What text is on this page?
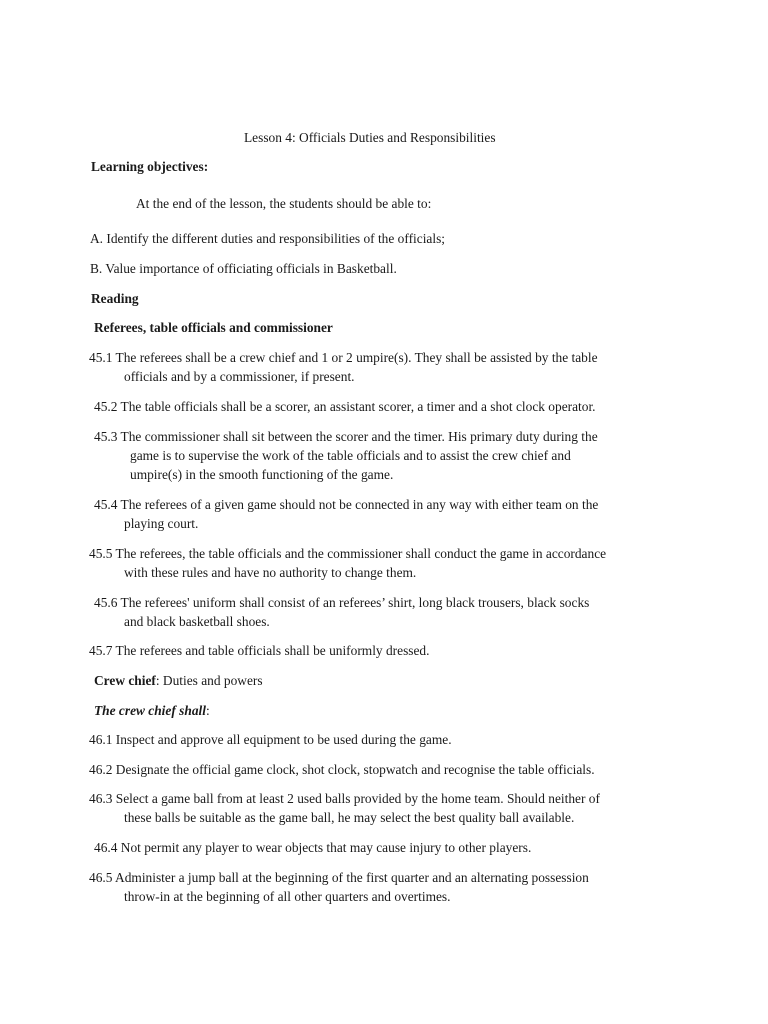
Lesson 4: Officials Duties and Responsibilities
Learning objectives:
At the end of the lesson, the students should be able to:
A. Identify the different duties and responsibilities of the officials;
B. Value importance of officiating officials in Basketball.
Reading
Referees, table officials and commissioner
45.1 The referees shall be a crew chief and 1 or 2 umpire(s). They shall be assisted by the table
officials and by a commissioner, if present.
45.2 The table officials shall be a scorer, an assistant scorer, a timer and a shot clock operator.
45.3 The commissioner shall sit between the scorer and the timer. His primary duty during the
game is to supervise the work of the table officials and to assist the crew chief and
umpire(s) in the smooth functioning of the game.
45.4 The referees of a given game should not be connected in any way with either team on the
playing court.
45.5 The referees, the table officials and the commissioner shall conduct the game in accordance
with these rules and have no authority to change them.
45.6 The referees' uniform shall consist of an referees’ shirt, long black trousers, black socks
and black basketball shoes.
45.7 The referees and table officials shall be uniformly dressed.
Crew chief: Duties and powers
The crew chief shall:
46.1 Inspect and approve all equipment to be used during the game.
46.2 Designate the official game clock, shot clock, stopwatch and recognise the table officials.
46.3 Select a game ball from at least 2 used balls provided by the home team. Should neither of
these balls be suitable as the game ball, he may select the best quality ball available.
46.4 Not permit any player to wear objects that may cause injury to other players.
46.5 Administer a jump ball at the beginning of the first quarter and an alternating possession
throw-in at the beginning of all other quarters and overtimes.
